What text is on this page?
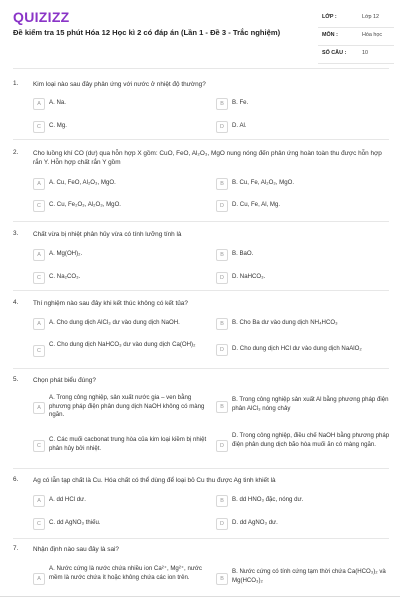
QUIZIZZ
Đề kiểm tra 15 phút Hóa 12 Học kì 2 có đáp án (Lần 1 - Đề 3 - Trắc nghiệm)
LỚP :	Lớp 12
MÔN :	Hóa học
SỐ CÂU :	10
1. Kim loại nào sau đây phản ứng với nước ở nhiệt độ thường?
A	A. Na.	B	B. Fe.
C	C. Mg.	D	D. Al.
2. Cho luồng khí CO (dư) qua hỗn hợp X gồm: CuO, FeO, Al₂O₃, MgO nung nóng đến phản ứng hoàn toàn thu được hỗn hợp rắn Y. Hỗn hợp chất rắn Y gồm
A	A. Cu, FeO, Al₂O₃, MgO.	B	B. Cu, Fe, Al₂O₃, MgO.
C	C. Cu, Fe₂O₃, Al₂O₃, MgO.	D	D. Cu, Fe, Al, Mg.
3. Chất vừa bị nhiệt phân hủy vừa có tính lưỡng tính là
A	A. Mg(OH)₂.	B	B. BaO.
C	C. Na₂CO₃.	D	D. NaHCO₃.
4. Thí nghiệm nào sau đây khi kết thúc không có kết tủa?
A	A. Cho dung dịch AlCl₃ dư vào dung dịch NaOH.	B	B. Cho Ba dư vào dung dịch NH₄HCO₃
C
C. Cho dung dịch NaHCO₃ dư vào dung dịch Ca(OH)₂
D	D. Cho dung dịch HCl dư vào dung dịch NaAlO₂
5. Chọn phát biểu đúng?
A
A. Trong công nghiệp, sản xuất nước gia – ven bằng phương pháp điện phân dung dịch NaOH không có màng ngăn.
B
B. Trong công nghiệp sản xuất Al bằng phương pháp điện phân AlCl₃ nóng chảy
C
C. Các muối cacbonat trung hòa của kim loại kiềm bị nhiệt phân hủy bởi nhiệt.	D
D. Trong công nghiệp, điều chế NaOH bằng phương pháp điện phân dung dịch bão hòa muối ăn có màng ngăn.
6. Ag có lẫn tạp chất là Cu. Hóa chất có thể dùng để loại bỏ Cu thu được Ag tinh khiết là
A	A. dd HCl dư.	B	B. dd HNO₃ đặc, nóng dư.
C	C. dd AgNO₃ thiếu.	D	D. dd AgNO₃ dư.
7. Nhận định nào sau đây là sai?
A
A. Nước cứng là nước chứa nhiều ion Ca²⁺, Mg²⁺, nước mềm là nước chứa ít hoặc không chứa các ion trên.	B
B. Nước cứng có tính cứng tạm thời chứa Ca(HCO₃)₂ và Mg(HCO₃)₂
